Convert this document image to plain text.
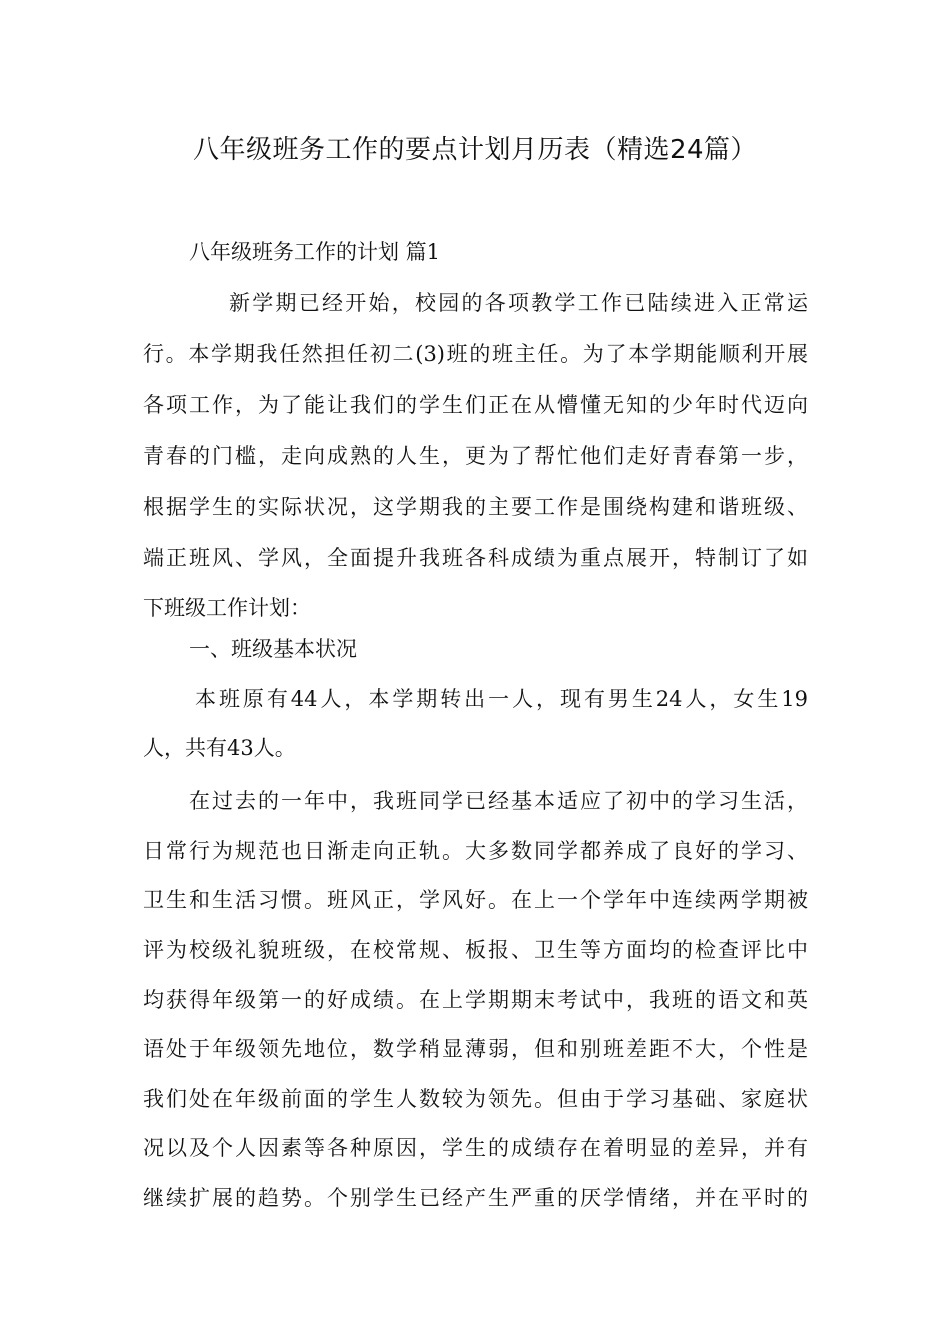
八年级班务工作的要点计划月历表（精选24篇）
八年级班务工作的计划 篇1
新学期已经开始，校园的各项教学工作已陆续进入正常运
行。本学期我任然担任初二(3)班的班主任。为了本学期能顺利开展
各项工作，为了能让我们的学生们正在从懵懂无知的少年时代迈向
青春的门槛，走向成熟的人生，更为了帮忙他们走好青春第一步，
根据学生的实际状况，这学期我的主要工作是围绕构建和谐班级、
端正班风、学风，全面提升我班各科成绩为重点展开，特制订了如
下班级工作计划：
一、班级基本状况
本班原有44人，本学期转出一人，现有男生24人，女生19
人，共有43人。
在过去的一年中，我班同学已经基本适应了初中的学习生活，
日常行为规范也日渐走向正轨。大多数同学都养成了良好的学习、
卫生和生活习惯。班风正，学风好。在上一个学年中连续两学期被
评为校级礼貌班级，在校常规、板报、卫生等方面均的检查评比中
均获得年级第一的好成绩。在上学期期末考试中，我班的语文和英
语处于年级领先地位，数学稍显薄弱，但和别班差距不大，个性是
我们处在年级前面的学生人数较为领先。但由于学习基础、家庭状
况以及个人因素等各种原因，学生的成绩存在着明显的差异，并有
继续扩展的趋势。个别学生已经产生严重的厌学情绪，并在平时的
